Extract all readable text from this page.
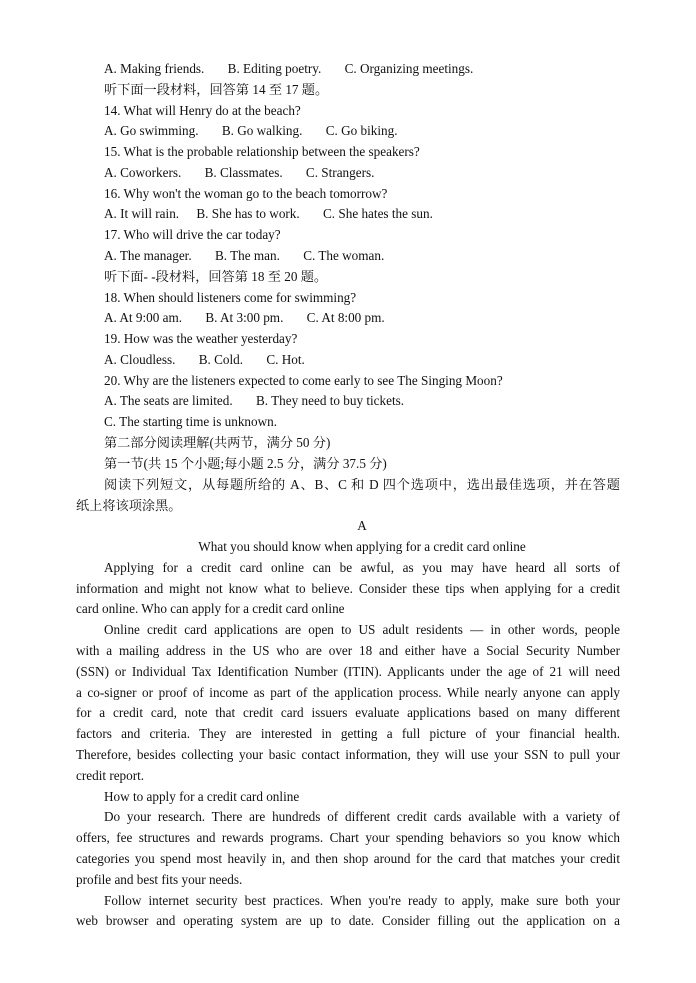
A. Making friends. B. Editing poetry. C. Organizing meetings.

听下面一段材料，回答第 14 至 17 题。

14. What will Henry do at the beach?

A. Go swimming. B. Go walking. C. Go biking.

15. What is the probable relationship between the speakers?

A. Coworkers. B. Classmates. C. Strangers.

16. Why won't the woman go to the beach tomorrow?

A. It will rain. B. She has to work. C. She hates the sun.

17. Who will drive the car today?

A. The manager. B. The man. C. The woman.

听下面- -段材料，回答第 18 至 20 题。

18. When should listeners come for swimming?

A. At 9:00 am. B. At 3:00 pm. C. At 8:00 pm.

19. How was the weather yesterday?

A. Cloudless. B. Cold. C. Hot.

20. Why are the listeners expected to come early to see The Singing Moon?

A. The seats are limited. B. They need to buy tickets.

C. The starting time is unknown.

第二部分阅读理解(共两节，满分 50 分)

第一节(共 15 个小题;每小题 2.5 分，满分 37.5 分)

阅读下列短文，从每题所给的 A、B、C 和 D 四个选项中，选出最佳选项，并在答题

纸上将该项涂黑。

A

What you should know when applying for a credit card online

Applying for a credit card online can be awful, as you may have heard all sorts of

information and might not know what to believe. Consider these tips when applying for a credit

card online. Who can apply for a credit card online

Online credit card applications are open to US adult residents — in other words, people

with a mailing address in the US who are over 18 and either have a Social Security Number

(SSN) or Individual Tax Identification Number (ITIN). Applicants under the age of 21 will need

a co-signer or proof of income as part of the application process. While nearly anyone can apply

for a credit card, note that credit card issuers evaluate applications based on many different

factors and criteria. They are interested in getting a full picture of your financial health.

Therefore, besides collecting your basic contact information, they will use your SSN to pull your

credit report.

How to apply for a credit card online

Do your research. There are hundreds of different credit cards available with a variety of

offers, fee structures and rewards programs. Chart your spending behaviors so you know which

categories you spend most heavily in, and then shop around for the card that matches your credit

profile and best fits your needs.

Follow internet security best practices. When you're ready to apply, make sure both your

web browser and operating system are up to date. Consider filling out the application on a
